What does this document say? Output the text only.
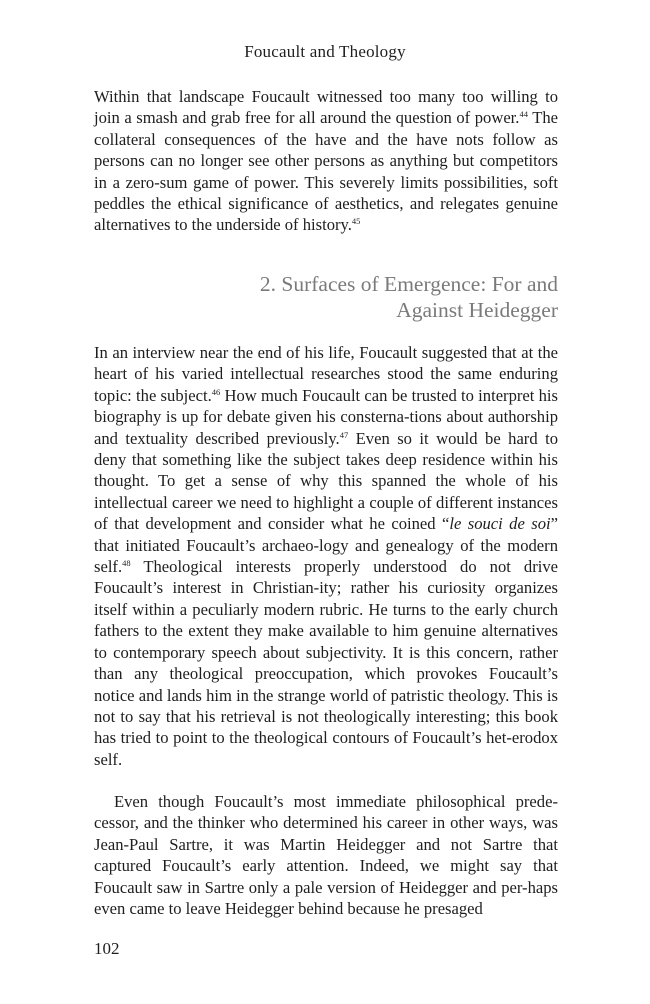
Foucault and Theology

Within that landscape Foucault witnessed too many too willing to join a smash and grab free for all around the question of power.$^{44}$ The collateral consequences of the have and the have nots follow as persons can no longer see other persons as anything but competitors in a zero-sum game of power. This severely limits possibilities, soft peddles the ethical significance of aesthetics, and relegates genuine alternatives to the underside of history.$^{45}$

2. Surfaces of Emergence: For and
Against Heidegger

In an interview near the end of his life, Foucault suggested that at the heart of his varied intellectual researches stood the same enduring topic: the subject.$^{46}$ How much Foucault can be trusted to interpret his biography is up for debate given his consterna-tions about authorship and textuality described previously.$^{47}$ Even so it would be hard to deny that something like the subject takes deep residence within his thought. To get a sense of why this spanned the whole of his intellectual career we need to highlight a couple of different instances of that development and consider what he coined “le souci de soi” that initiated Foucault’s archaeo-logy and genealogy of the modern self.$^{48}$ Theological interests properly understood do not drive Foucault’s interest in Christian-ity; rather his curiosity organizes itself within a peculiarly modern rubric. He turns to the early church fathers to the extent they make available to him genuine alternatives to contemporary speech about subjectivity. It is this concern, rather than any theological preoccupation, which provokes Foucault’s notice and lands him in the strange world of patristic theology. This is not to say that his retrieval is not theologically interesting; this book has tried to point to the theological contours of Foucault’s het-erodox self.

Even though Foucault’s most immediate philosophical prede-cessor, and the thinker who determined his career in other ways, was Jean-Paul Sartre, it was Martin Heidegger and not Sartre that captured Foucault’s early attention. Indeed, we might say that Foucault saw in Sartre only a pale version of Heidegger and per-haps even came to leave Heidegger behind because he presaged

102
